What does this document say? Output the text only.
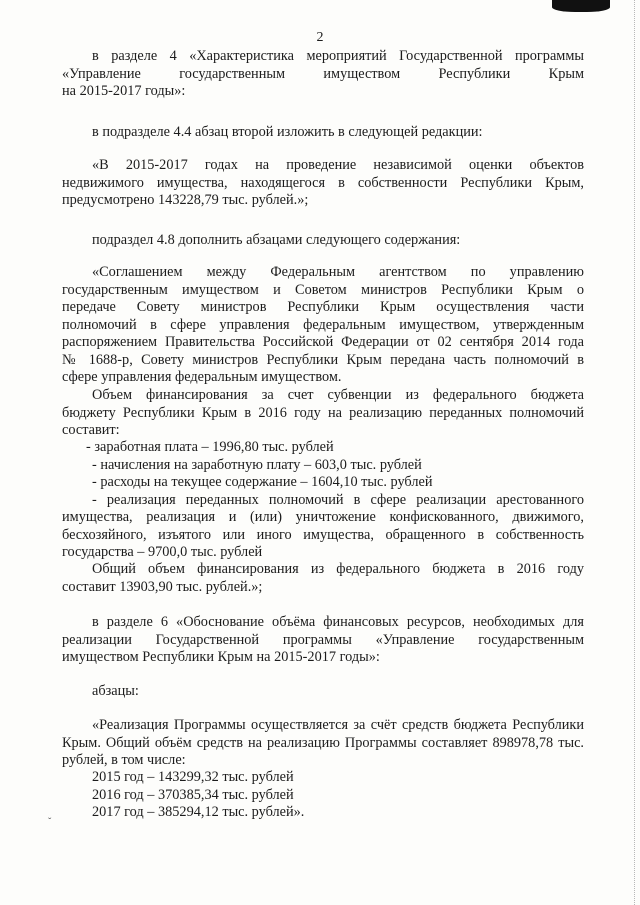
2
в разделе 4 «Характеристика мероприятий Государственной программы
«Управление государственным имуществом Республики Крым
на 2015-2017 годы»:
в подразделе 4.4 абзац второй изложить в следующей редакции:
«В 2015-2017 годах на проведение независимой оценки объектов
недвижимого имущества, находящегося в собственности Республики Крым,
предусмотрено 143228,79 тыс. рублей.»;
подраздел 4.8 дополнить абзацами следующего содержания:
«Соглашением между Федеральным агентством по управлению
государственным имуществом и Советом министров Республики Крым о
передаче Совету министров Республики Крым осуществления части
полномочий в сфере управления федеральным имуществом, утвержденным
распоряжением Правительства Российской Федерации от 02 сентября 2014 года
№ 1688-р, Совету министров Республики Крым передана часть полномочий в
сфере управления федеральным имуществом.
Объем финансирования за счет субвенции из федерального бюджета
бюджету Республики Крым в 2016 году на реализацию переданных полномочий
составит:
- заработная плата – 1996,80 тыс. рублей
- начисления на заработную плату – 603,0 тыс. рублей
- расходы на текущее содержание – 1604,10 тыс. рублей
- реализация переданных полномочий в сфере реализации арестованного
имущества, реализация и (или) уничтожение конфискованного, движимого,
бесхозяйного, изъятого или иного имущества, обращенного в собственность
государства – 9700,0 тыс. рублей
Общий объем финансирования из федерального бюджета в 2016 году
составит 13903,90 тыс. рублей.»;
в разделе 6 «Обоснование объёма финансовых ресурсов, необходимых для
реализации Государственной программы «Управление государственным
имуществом Республики Крым на 2015-2017 годы»:
абзацы:
«Реализация Программы осуществляется за счёт средств бюджета Республики
Крым. Общий объём средств на реализацию Программы составляет 898978,78 тыс.
рублей, в том числе:
2015 год – 143299,32 тыс. рублей
2016 год – 370385,34 тыс. рублей
2017 год – 385294,12 тыс. рублей».
ˇ
